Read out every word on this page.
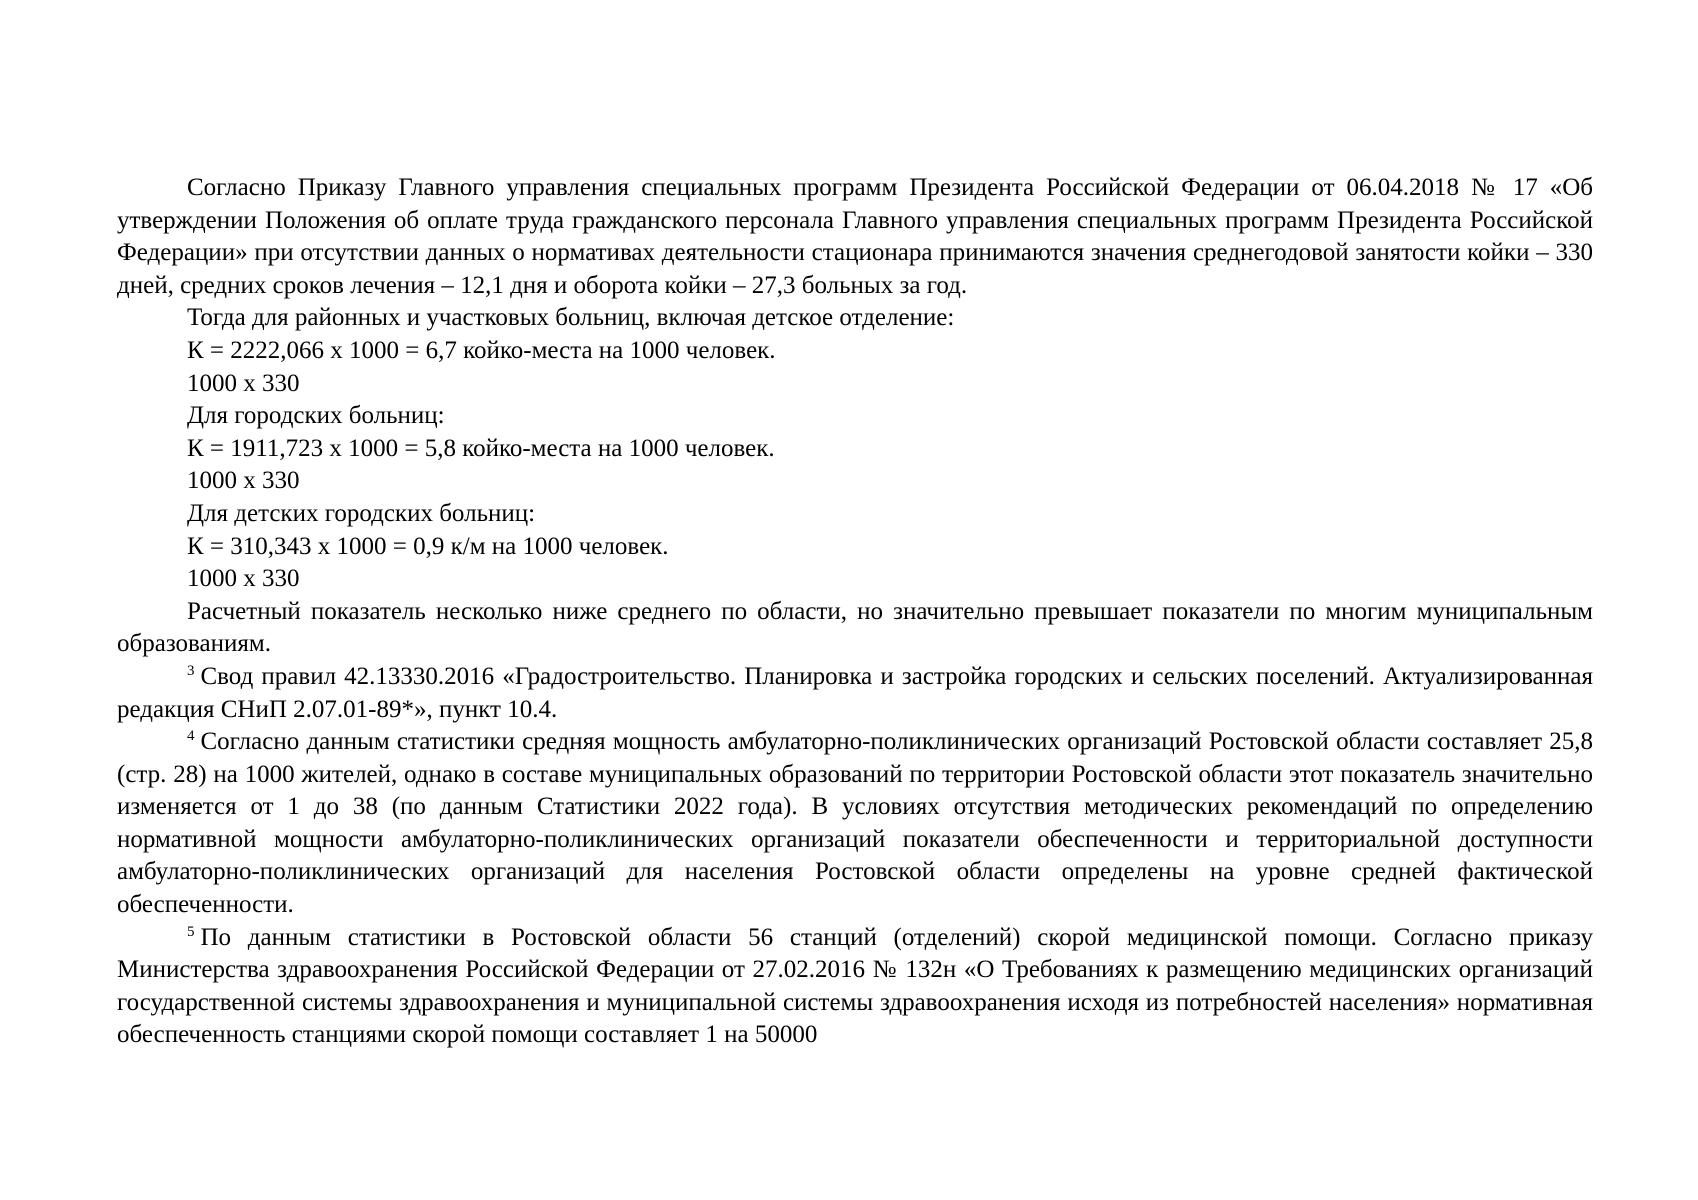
Согласно Приказу Главного управления специальных программ Президента Российской Федерации от 06.04.2018 № 17 «Об утверждении Положения об оплате труда гражданского персонала Главного управления специальных программ Президента Российской Федерации» при отсутствии данных о нормативах деятельности стационара принимаются значения среднегодовой занятости койки – 330 дней, средних сроков лечения – 12,1 дня и оборота койки – 27,3 больных за год.

Тогда для районных и участковых больниц, включая детское отделение:

К = 2222,066 х 1000 = 6,7 койко-места на 1000 человек.

1000 х 330

Для городских больниц:

К = 1911,723 х 1000 = 5,8 койко-места на 1000 человек.

1000 х 330

Для детских городских больниц:

К = 310,343 х 1000 = 0,9 к/м на 1000 человек.

1000 х 330

Расчетный показатель несколько ниже среднего по области, но значительно превышает показатели по многим муниципальным образованиям.

$^3$ Свод правил 42.13330.2016 «Градостроительство. Планировка и застройка городских и сельских поселений. Актуализированная редакция СНиП 2.07.01-89*», пункт 10.4.

$^4$ Согласно данным статистики средняя мощность амбулаторно-поликлинических организаций Ростовской области составляет 25,8 (стр. 28) на 1000 жителей, однако в составе муниципальных образований по территории Ростовской области этот показатель значительно изменяется от 1 до 38 (по данным Статистики 2022 года). В условиях отсутствия методических рекомендаций по определению нормативной мощности амбулаторно-поликлинических организаций показатели обеспеченности и территориальной доступности амбулаторно-поликлинических организаций для населения Ростовской области определены на уровне средней фактической обеспеченности.

$^5$ По данным статистики в Ростовской области 56 станций (отделений) скорой медицинской помощи. Согласно приказу Министерства здравоохранения Российской Федерации от 27.02.2016 № 132н «О Требованиях к размещению медицинских организаций государственной системы здравоохранения и муниципальной системы здравоохранения исходя из потребностей населения» нормативная обеспеченность станциями скорой помощи составляет 1 на 50000
